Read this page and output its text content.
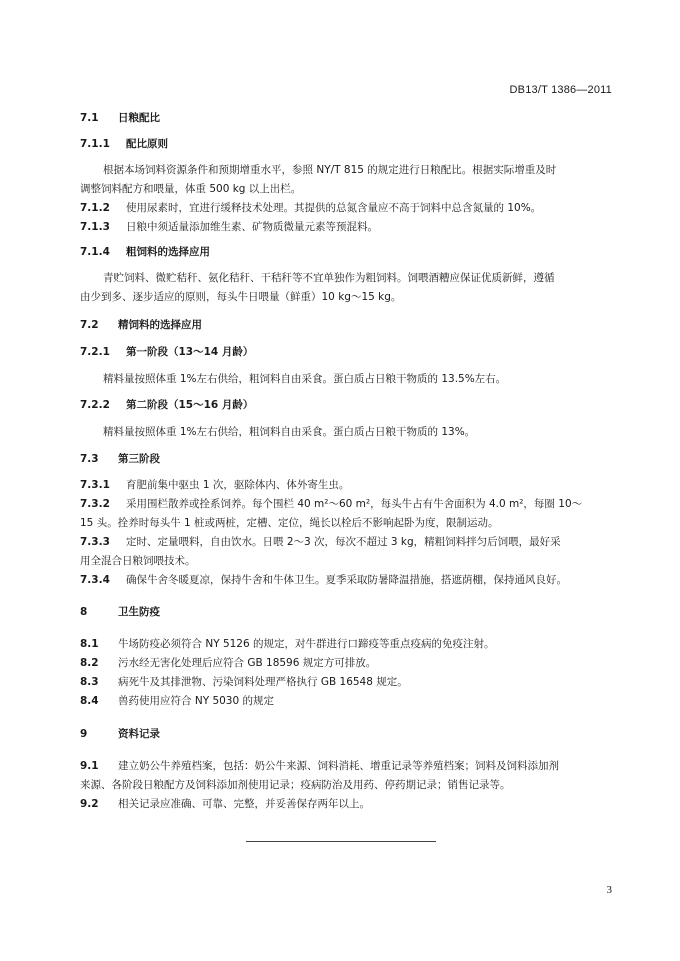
DB13/T 1386—2011
7.1 日粮配比
7.1.1 配比原则
根据本场饲料资源条件和预期增重水平，参照 NY/T 815 的规定进行日粮配比。根据实际增重及时
调整饲料配方和喂量，体重 500 kg 以上出栏。
7.1.2 使用尿素时，宜进行缓释技术处理。其提供的总氮含量应不高于饲料中总含氮量的 10%。
7.1.3 日粮中须适量添加维生素、矿物质微量元素等预混料。
7.1.4 粗饲料的选择应用
青贮饲料、微贮秸秆、氨化秸秆、干秸秆等不宜单独作为粗饲料。饲喂酒糟应保证优质新鲜，遵循
由少到多、逐步适应的原则，每头牛日喂量（鲜重）10 kg～15 kg。
7.2 精饲料的选择应用
7.2.1 第一阶段（13～14 月龄）
精料量按照体重 1%左右供给，粗饲料自由采食。蛋白质占日粮干物质的 13.5%左右。
7.2.2 第二阶段（15～16 月龄）
精料量按照体重 1%左右供给，粗饲料自由采食。蛋白质占日粮干物质的 13%。
7.3 第三阶段
7.3.1 育肥前集中驱虫 1 次，驱除体内、体外寄生虫。
7.3.2 采用围栏散养或拴系饲养。每个围栏 40 m²～60 m²，每头牛占有牛舍面积为 4.0 m²，每圈 10～
15 头。拴养时每头牛 1 桩或两桩，定槽、定位，绳长以栓后不影响起卧为度，限制运动。
7.3.3 定时、定量喂料，自由饮水。日喂 2～3 次，每次不超过 3 kg，精粗饲料拌匀后饲喂，最好采
用全混合日粮饲喂技术。
7.3.4 确保牛舍冬暖夏凉，保持牛舍和牛体卫生。夏季采取防暑降温措施，搭遮荫棚，保持通风良好。
8	卫生防疫
8.1 牛场防疫必须符合 NY 5126 的规定，对牛群进行口蹄疫等重点疫病的免疫注射。
8.2 污水经无害化处理后应符合 GB 18596 规定方可排放。
8.3 病死牛及其排泄物、污染饲料处理严格执行 GB 16548 规定。
8.4 兽药使用应符合 NY 5030 的规定
9	资料记录
9.1 建立奶公牛养殖档案，包括：奶公牛来源、饲料消耗、增重记录等养殖档案；饲料及饲料添加剂
来源、各阶段日粮配方及饲料添加剂使用记录；疫病防治及用药、停药期记录；销售记录等。
9.2 相关记录应准确、可靠、完整，并妥善保存两年以上。
3
